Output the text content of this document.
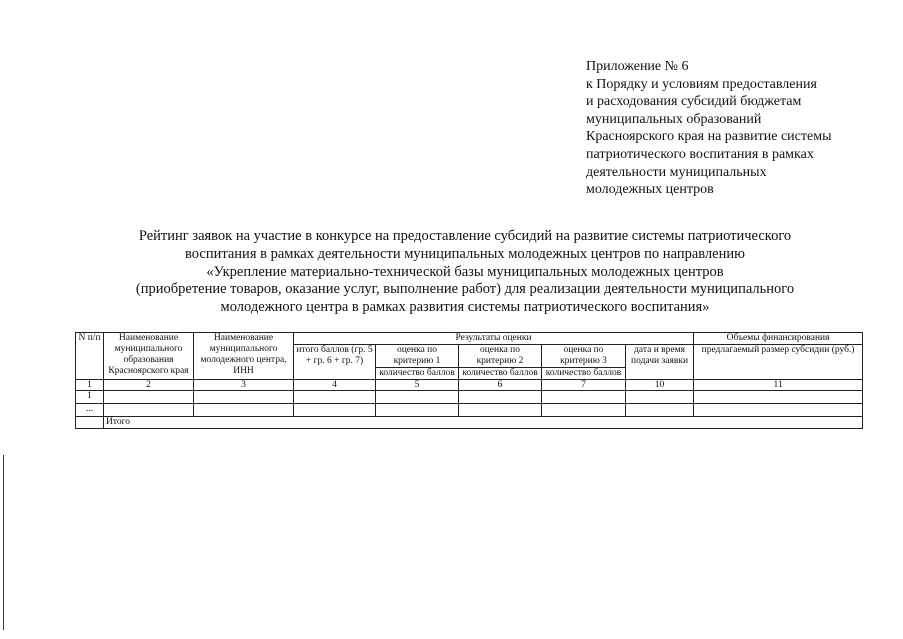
Приложение № 6
к Порядку и условиям предоставления
и расходования субсидий бюджетам
муниципальных образований
Красноярского края на развитие системы
патриотического воспитания в рамках
деятельности муниципальных
молодежных центров
Рейтинг заявок на участие в конкурсе на предоставление субсидий на развитие системы патриотического
воспитания в рамках деятельности муниципальных молодежных центров по направлению
«Укрепление материально-технической базы муниципальных молодежных центров
(приобретение товаров, оказание услуг, выполнение работ) для реализации деятельности муниципального
молодежного центра в рамках развития системы патриотического воспитания»
N п/п	Наименование муниципального образования Красноярского края	Наименование муниципального молодежного центра, ИНН	Результаты оценки					Объемы финансирования
			итого баллов (гр. 5 + гр. 6 + гр. 7)	оценка по критерию 1	оценка по критерию 2	оценка по критерию 3	дата и время подачи заявки	предлагаемый размер субсидии (руб.)
				количество баллов	количество баллов	количество баллов		
1	2	3	4	5	6	7	10	11
1								
...								
	Итого							
